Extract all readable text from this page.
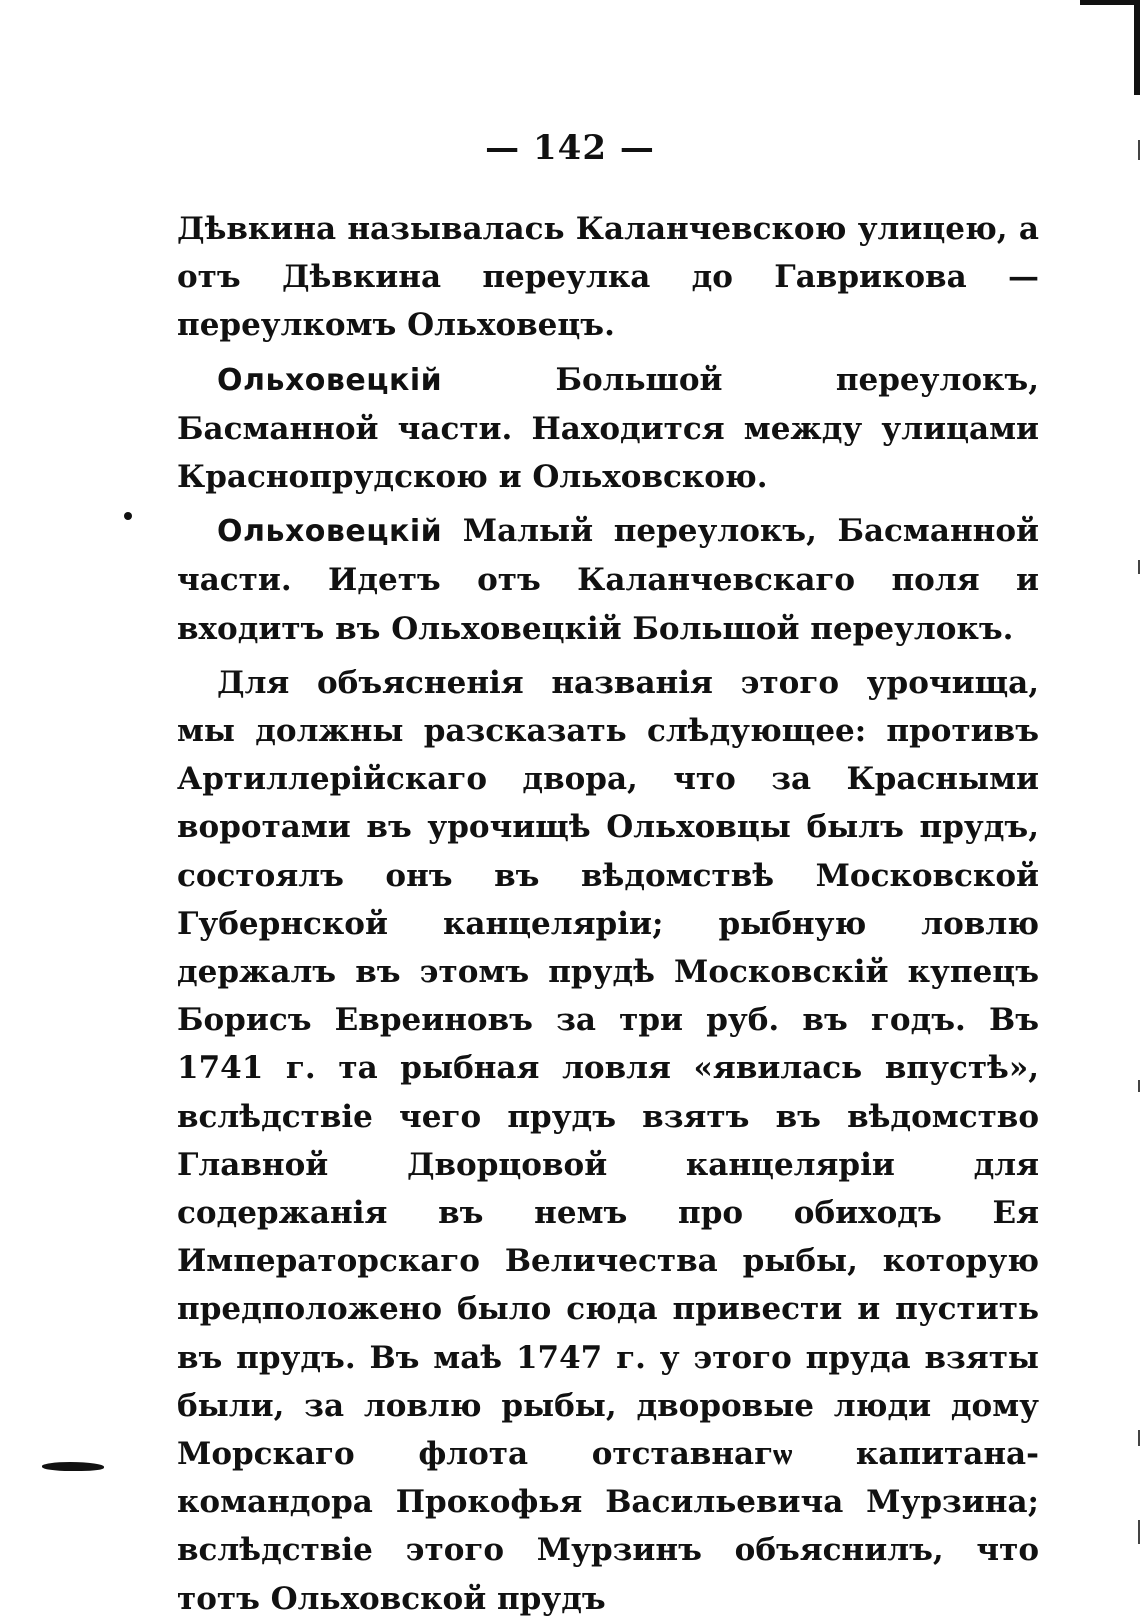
— 142 —

Дѣвкина называлась Каланчевскою улицею, а отъ Дѣвкина переулка до Гаврикова — переулкомъ Ольховецъ.

Ольховецкій Большой переулокъ, Басманной части. Находится между улицами Краснопрудскою и Ольховскою.

Ольховецкій Малый переулокъ, Басманной части. Идетъ отъ Каланчевскаго поля и входитъ въ Ольховецкій Большой переулокъ.

Для объясненія названія этого урочища, мы должны разсказать слѣдующее: противъ Артиллерійскаго двора, что за Красными воротами въ урочищѣ Ольховцы былъ прудъ, состоялъ онъ въ вѣдомствѣ Московской Губернской канцеляріи; рыбную ловлю держалъ въ этомъ прудѣ Московскій купецъ Борисъ Евреиновъ за три руб. въ годъ. Въ 1741 г. та рыбная ловля «явилась впустѣ», вслѣдствіе чего прудъ взятъ въ вѣдомство Главной Дворцовой канцеляріи для содержанія въ немъ про обиходъ Ея Императорскаго Величества рыбы, которую предположено было сюда привести и пустить въ прудъ. Въ маѣ 1747 г. у этого пруда взяты были, за ловлю рыбы, дворовые люди дому Морскаго флота отставнагѡ капитана-командора Прокофья Васильевича Мурзина; вслѣдствіе этого Мурзинъ объяснилъ, что тотъ Ольховской прудъ
